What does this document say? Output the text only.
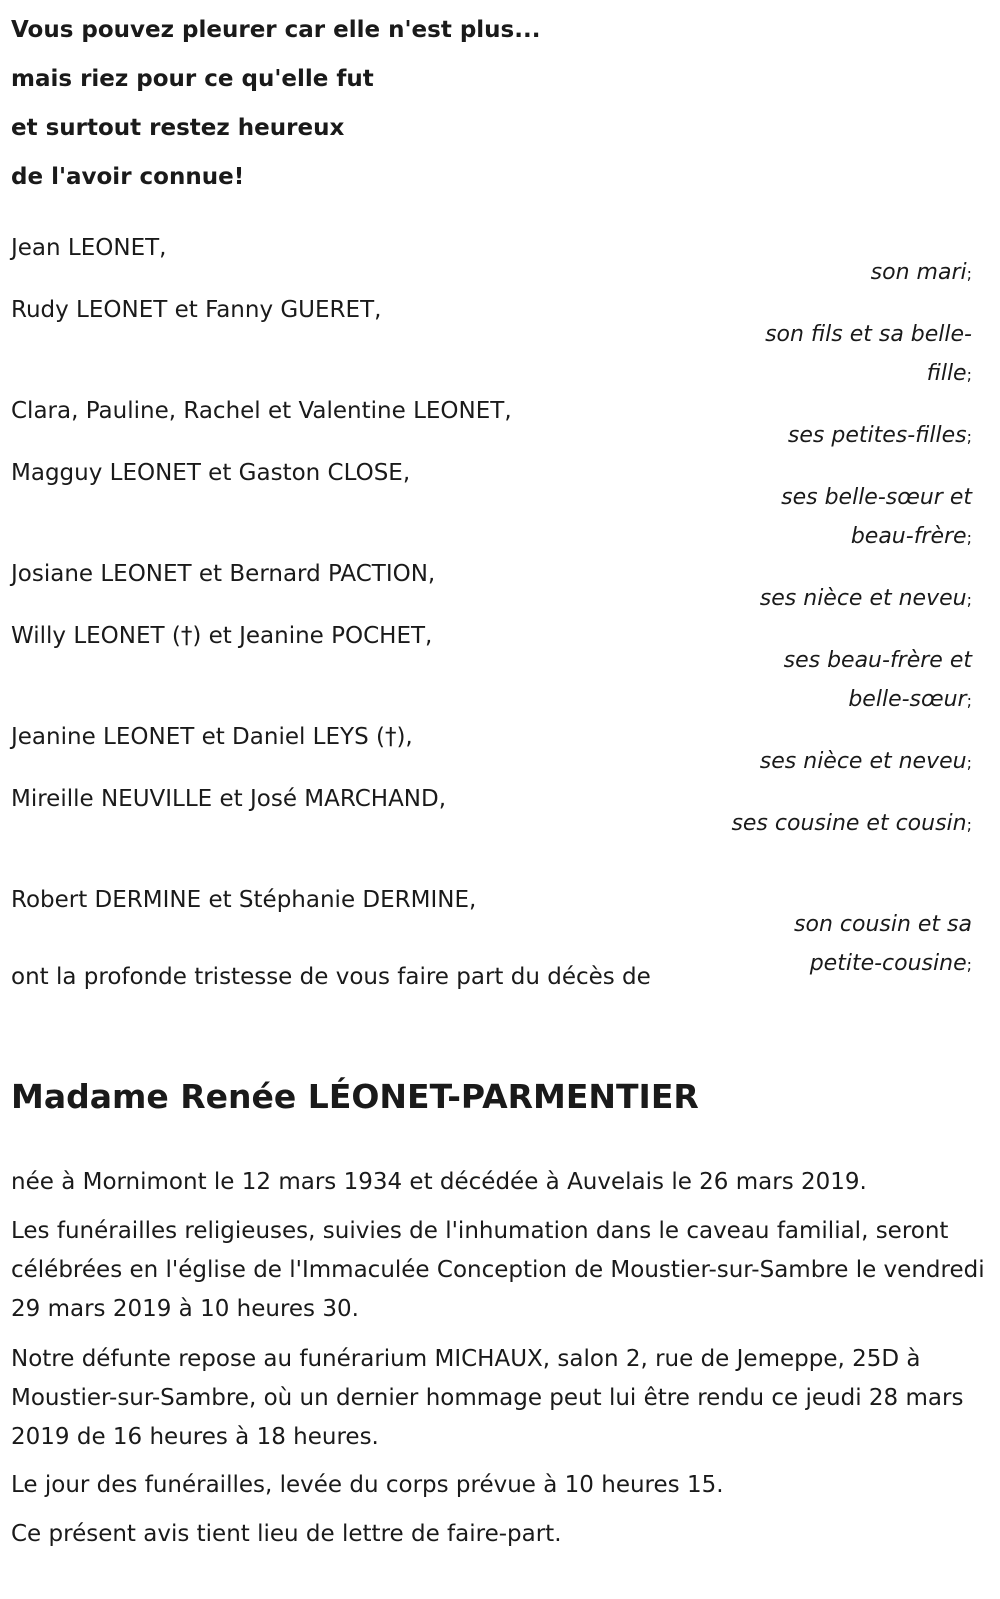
Vous pouvez pleurer car elle n'est plus...
mais riez pour ce qu'elle fut
et surtout restez heureux
de l'avoir connue!
Jean LEONET,
son mari;
Rudy LEONET et Fanny GUERET,
son fils et sa belle-fille;
Clara, Pauline, Rachel et Valentine LEONET,
ses petites-filles;
Magguy LEONET et Gaston CLOSE,
ses belle-sœur et beau-frère;
Josiane LEONET et Bernard PACTION,
ses nièce et neveu;
Willy LEONET (†) et Jeanine POCHET,
ses beau-frère et belle-sœur;
Jeanine LEONET et Daniel LEYS (†),
ses nièce et neveu;
Mireille NEUVILLE et José MARCHAND,
ses cousine et cousin;
Robert DERMINE et Stéphanie DERMINE,
son cousin et sa petite-cousine;

ont la profonde tristesse de vous faire part du décès de

Madame Renée LÉONET-PARMENTIER

née à Mornimont le 12 mars 1934 et décédée à Auvelais le 26 mars 2019.

Les funérailles religieuses, suivies de l'inhumation dans le caveau familial, seront célébrées en l'église de l'Immaculée Conception de Moustier-sur-Sambre le vendredi 29 mars 2019 à 10 heures 30.

Notre défunte repose au funérarium MICHAUX, salon 2, rue de Jemeppe, 25D à Moustier-sur-Sambre, où un dernier hommage peut lui être rendu ce jeudi 28 mars 2019 de 16 heures à 18 heures.

Le jour des funérailles, levée du corps prévue à 10 heures 15.

Ce présent avis tient lieu de lettre de faire-part.
